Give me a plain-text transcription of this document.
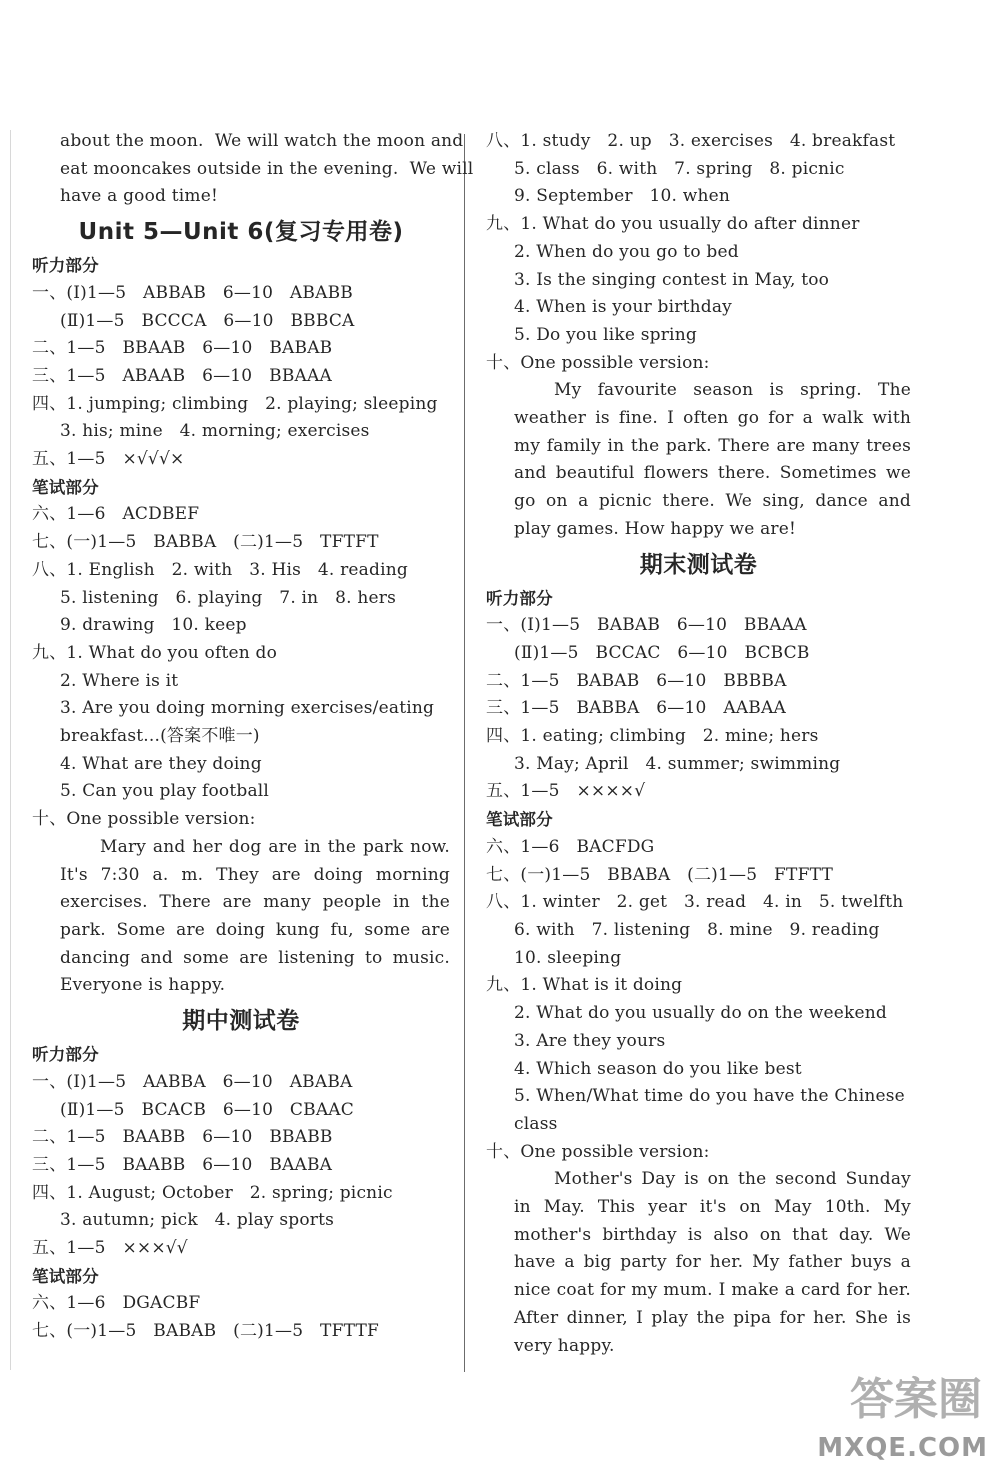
about the moon.  We will watch the moon and
eat mooncakes outside in the evening.  We will
have a good time!
Unit 5—Unit 6(复习专用卷)
听力部分
一、(Ⅰ)1—5   ABBAB   6—10   ABABB
(Ⅱ)1—5   BCCCA   6—10   BBBCA
二、1—5   BBAAB   6—10   BABAB
三、1—5   ABAAB   6—10   BBAAA
四、1. jumping; climbing   2. playing; sleeping
3. his; mine   4. morning; exercises
五、1—5   ×√√√×
笔试部分
六、1—6   ACDBEF
七、(一)1—5   BABBA   (二)1—5   TFTFT
八、1. English   2. with   3. His   4. reading
5. listening   6. playing   7. in   8. hers
9. drawing   10. keep
九、1. What do you often do
2. Where is it
3. Are you doing morning exercises/eating
breakfast...(答案不唯一)
4. What are they doing
5. Can you play football
十、One possible version:
Mary and her dog are in the park now. It's 7:30 a. m. They are doing morning exercises. There are many people in the park. Some are doing kung fu, some are dancing and some are listening to music. Everyone is happy.
期中测试卷
听力部分
一、(Ⅰ)1—5   AABBA   6—10   ABABA
(Ⅱ)1—5   BCACB   6—10   CBAAC
二、1—5   BAABB   6—10   BBABB
三、1—5   BAABB   6—10   BAABA
四、1. August; October   2. spring; picnic
3. autumn; pick   4. play sports
五、1—5   ×××√√
笔试部分
六、1—6   DGACBF
七、(一)1—5   BABAB   (二)1—5   TFTTF
八、1. study   2. up   3. exercises   4. breakfast
5. class   6. with   7. spring   8. picnic
9. September   10. when
九、1. What do you usually do after dinner
2. When do you go to bed
3. Is the singing contest in May, too
4. When is your birthday
5. Do you like spring
十、One possible version:
My favourite season is spring. The weather is fine. I often go for a walk with my family in the park. There are many trees and beautiful flowers there. Sometimes we go on a picnic there. We sing, dance and play games. How happy we are!
期末测试卷
听力部分
一、(Ⅰ)1—5   BABAB   6—10   BBAAA
(Ⅱ)1—5   BCCAC   6—10   BCBCB
二、1—5   BABAB   6—10   BBBBA
三、1—5   BABBA   6—10   AABAA
四、1. eating; climbing   2. mine; hers
3. May; April   4. summer; swimming
五、1—5   ××××√
笔试部分
六、1—6   BACFDG
七、(一)1—5   BBABA   (二)1—5   FTFTT
八、1. winter   2. get   3. read   4. in   5. twelfth
6. with   7. listening   8. mine   9. reading
10. sleeping
九、1. What is it doing
2. What do you usually do on the weekend
3. Are they yours
4. Which season do you like best
5. When/What time do you have the Chinese
class
十、One possible version:
Mother's Day is on the second Sunday in May. This year it's on May 10th. My mother's birthday is also on that day. We have a big party for her. My father buys a nice coat for my mum. I make a card for her. After dinner, I play the pipa for her. She is very happy.
答案圈
MXQE.COM
